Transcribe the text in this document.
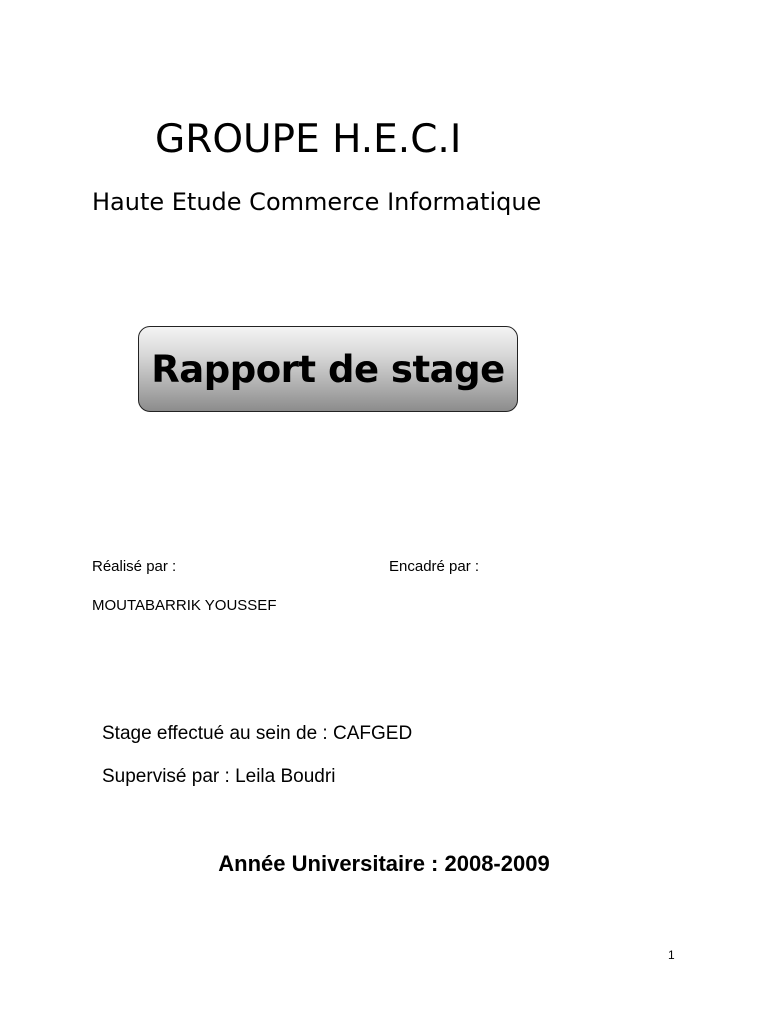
GROUPE H.E.C.I
Haute Etude Commerce Informatique
Rapport de stage
Réalisé par :	Encadré par :
MOUTABARRIK YOUSSEF
Stage effectué au sein de : CAFGED
Supervisé par : Leila Boudri
Année Universitaire : 2008-2009
1
